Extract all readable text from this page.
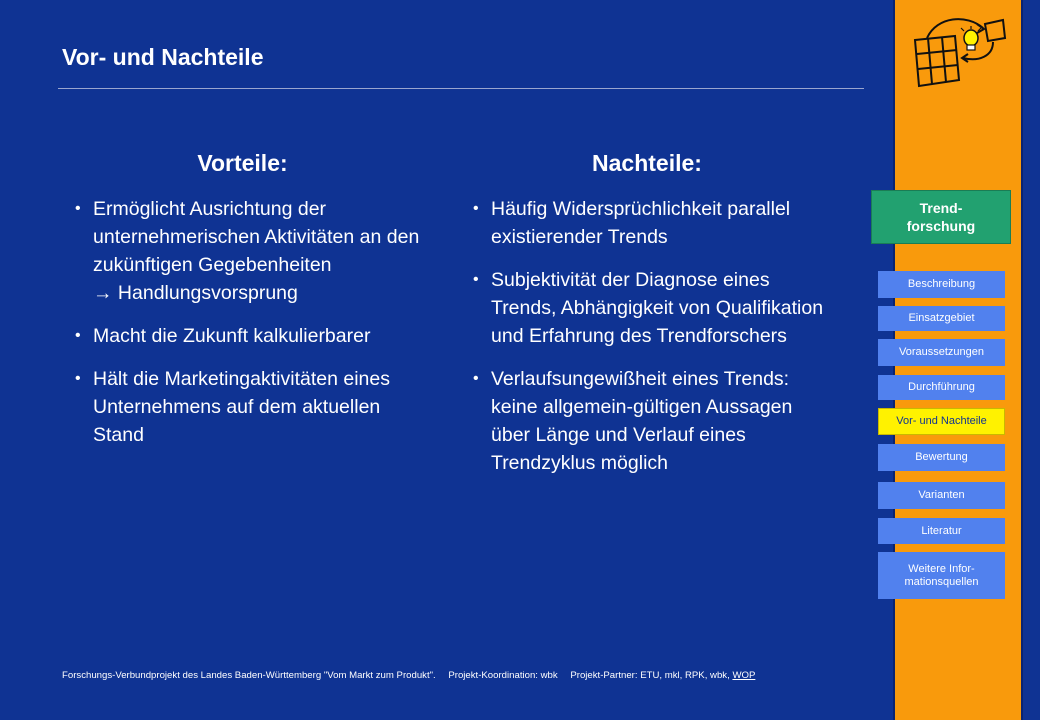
Vor- und Nachteile
Vorteile:
• Ermöglicht Ausrichtung der unternehmerischen Aktivitäten an den zukünftigen Gegebenheiten
→ Handlungsvorsprung
• Macht die Zukunft kalkulierbarer
• Hält die Marketingaktivitäten eines Unternehmens auf dem aktuellen Stand
Nachteile:
• Häufig Widersprüchlichkeit parallel existierender Trends
• Subjektivität der Diagnose eines Trends, Abhängigkeit von Qualifikation und Erfahrung des Trendforschers
• Verlaufsungewißheit eines Trends: keine allgemein-gültigen Aussagen über Länge und Verlauf eines Trendzyklus möglich
Forschungs-Verbundprojekt des Landes Baden-Württemberg "Vom Markt zum Produkt". Projekt-Koordination: wbk Projekt-Partner: ETU, mkl, RPK, wbk, WOP
Trend-
forschung
Beschreibung
Einsatzgebiet
Voraussetzungen
Durchführung
Vor- und Nachteile
Bewertung
Varianten
Literatur
Weitere Infor-
mationsquellen
